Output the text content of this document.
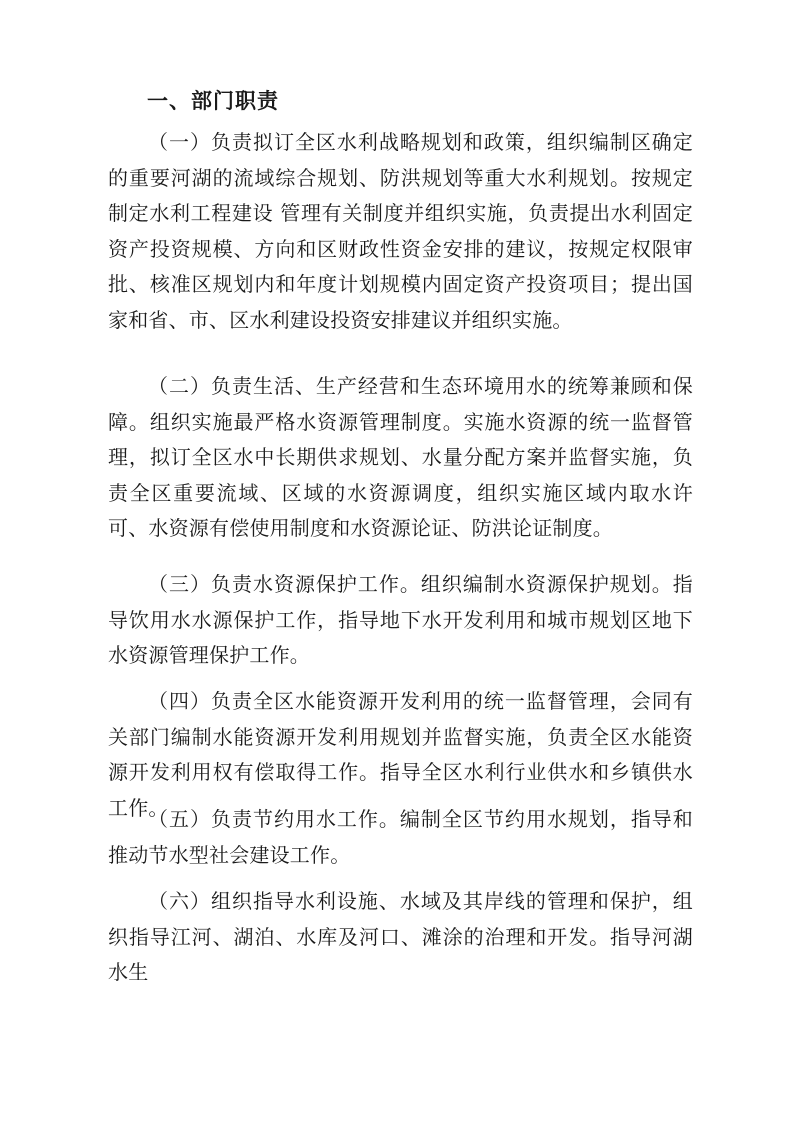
一、部门职责

（一）负责拟订全区水利战略规划和政策，组织编制区确定的重要河湖的流域综合规划、防洪规划等重大水利规划。按规定制定水利工程建设 管理有关制度并组织实施，负责提出水利固定资产投资规模、方向和区财政性资金安排的建议，按规定权限审批、核准区规划内和年度计划规模内固定资产投资项目；提出国家和省、市、区水利建设投资安排建议并组织实施。

（二）负责生活、生产经营和生态环境用水的统筹兼顾和保障。组织实施最严格水资源管理制度。实施水资源的统一监督管理，拟订全区水中长期供求规划、水量分配方案并监督实施，负责全区重要流域、区域的水资源调度，组织实施区域内取水许可、水资源有偿使用制度和水资源论证、防洪论证制度。

（三）负责水资源保护工作。组织编制水资源保护规划。指导饮用水水源保护工作，指导地下水开发利用和城市规划区地下水资源管理保护工作。

（四）负责全区水能资源开发利用的统一监督管理，会同有关部门编制水能资源开发利用规划并监督实施，负责全区水能资源开发利用权有偿取得工作。指导全区水利行业供水和乡镇供水工作。

（五）负责节约用水工作。编制全区节约用水规划，指导和推动节水型社会建设工作。

（六）组织指导水利设施、水域及其岸线的管理和保护，组织指导江河、湖泊、水库及河口、滩涂的治理和开发。指导河湖水生
